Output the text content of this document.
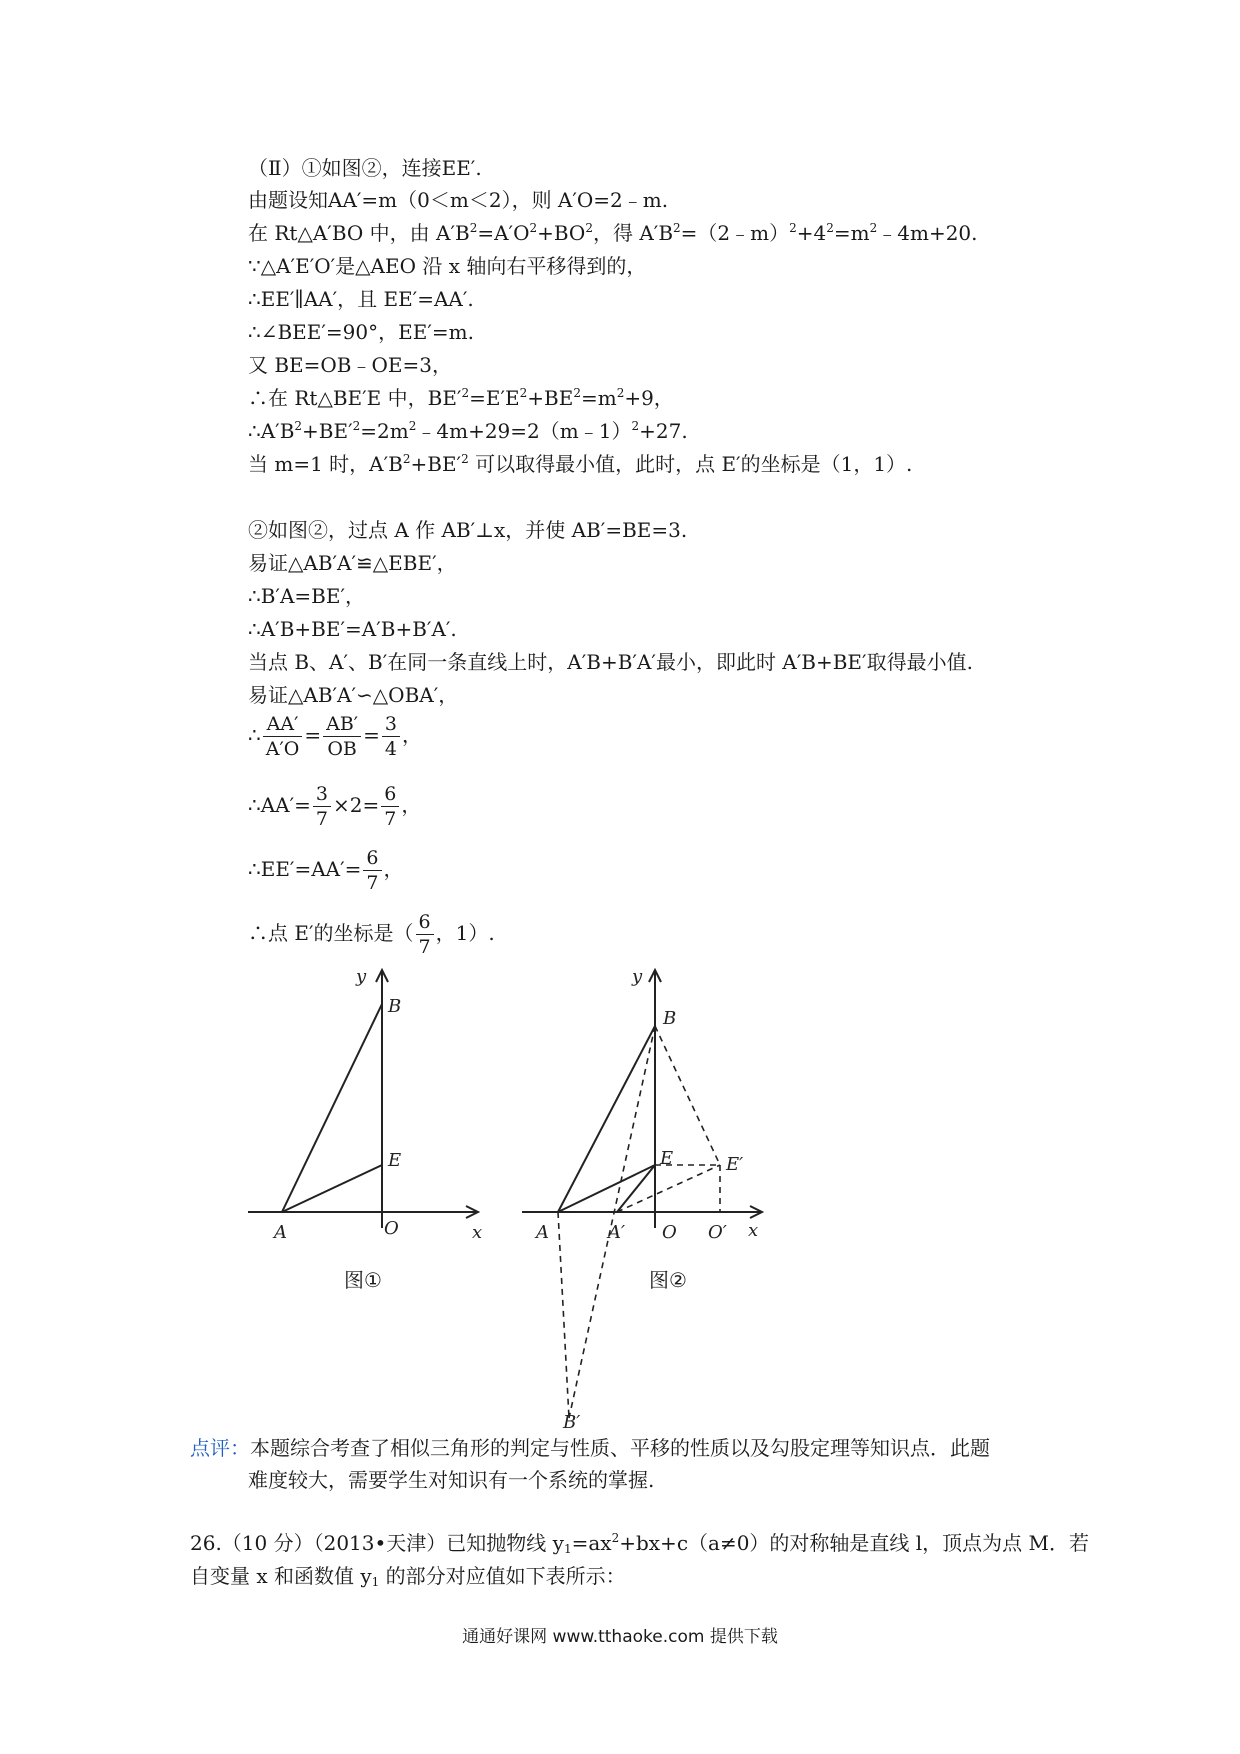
（Ⅱ）①如图②，连接EE′.
由题设知AA′=m（0＜m＜2），则 A′O=2﹣m.
在 Rt△A′BO 中，由 $A'B^2=A'O^2+BO^2$，得 $A'B^2=(2﹣m)^2+4^2=m^2﹣4m+20$.
∵△A′E′O′是△AEO 沿 x 轴向右平移得到的，
∴EE′∥AA′，且 EE′=AA′.
∴∠BEE′=90°，EE′=m.
又 BE=OB﹣OE=3，
∴在 Rt△BE′E 中，$BE'^2=E'E^2+BE^2=m^2+9$，
$\therefore A'B^2+BE'^2=2m^2﹣4m+29=2(m﹣1)^2+27$.
当 m=1 时，$A'B^2+BE'^2$ 可以取得最小值，此时，点 E′的坐标是（1，1）.
②如图②，过点 A 作 AB′⊥x，并使 AB′=BE=3.
易证△AB′A′≌△EBE′，
∴B′A=BE′，
∴A′B+BE′=A′B+B′A′.
当点 B、A′、B′在同一条直线上时，A′B+B′A′最小，即此时 A′B+BE′取得最小值.
易证△AB′A′∽△OBA′，
∴ $\frac{AA'}{A'O} = \frac{AB'}{OB} = \frac{3}{4}$ ，
∴AA′= $\frac{3}{7} \times 2= \frac{6}{7}$ ，
∴EE′=AA′= $\frac{6}{7}$ ，
∴点 E′的坐标是（ $\frac{6}{7}$ ，1）.
y
B
E
A	O	x
图①
y
B
E	E′
A	A′ O O′ x
B′
图②
点评：本题综合考查了相似三角形的判定与性质、平移的性质以及勾股定理等知识点．此题
难度较大，需要学生对知识有一个系统的掌握.
26.（10 分）（2013•天津）已知抛物线 $y_1=ax^2+bx+c(a\ne 0)$的对称轴是直线 l，顶点为点 M．若
自变量 x 和函数值 $y_1$ 的部分对应值如下表所示：
通通好课网 www.tthaoke.com 提供下载
